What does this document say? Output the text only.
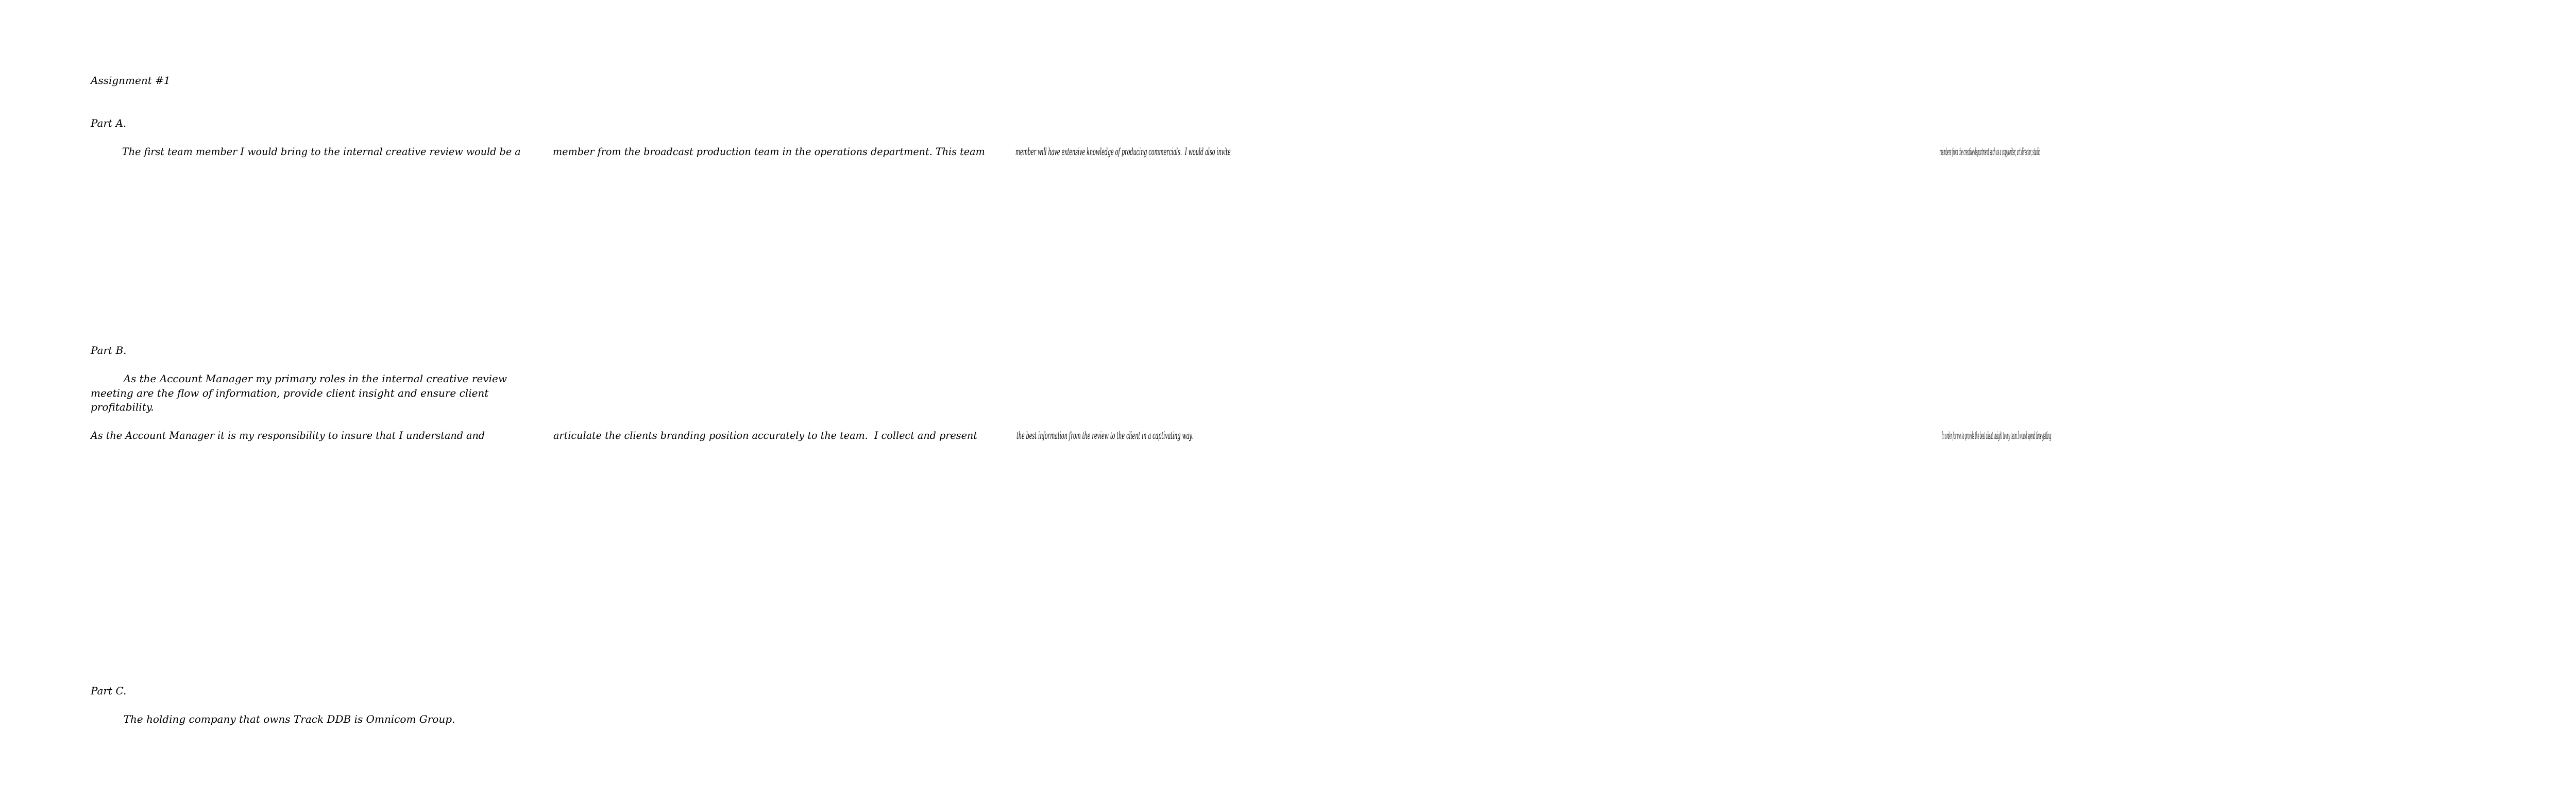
Assignment #1
Part A.
The first team member I would bring to the internal creative review would be a	member from the broadcast production team in the operations department. This team	member will have extensive knowledge of producing commercials.  I would also invite	members from the creative department such as a copywriter, art director, studio
Part B.
As the Account Manager my primary roles in the internal creative review
meeting are the flow of information, provide client insight and ensure client
profitability.
As the Account Manager it is my responsibility to insure that I understand and	articulate the clients branding position accurately to the team.  I collect and present	the best information from the review to the client in a captivating way.	In order for me to provide the best client insight to my team I would spend time getting
Part C.
The holding company that owns Track DDB is Omnicom Group.
